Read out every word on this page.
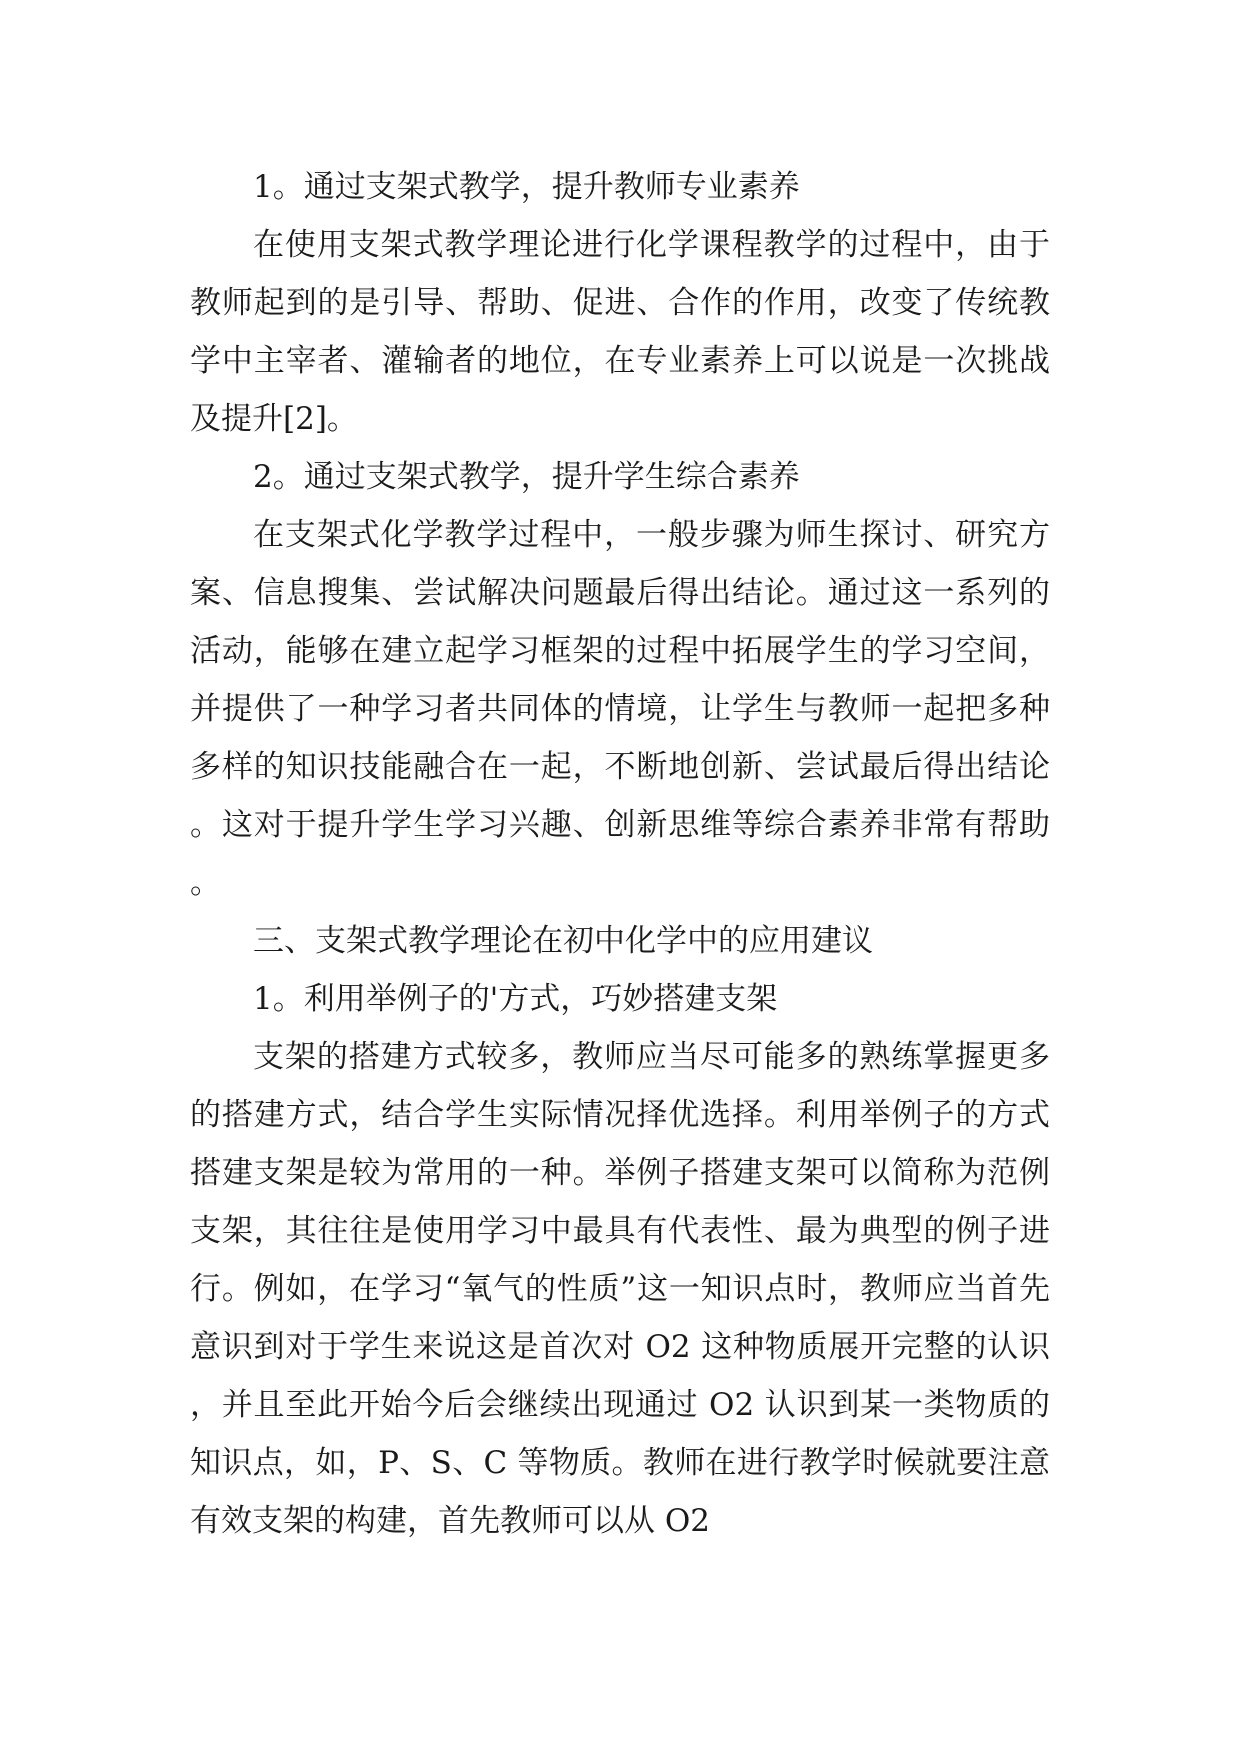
1。通过支架式教学，提升教师专业素养

在使用支架式教学理论进行化学课程教学的过程中，由于教师起到的是引导、帮助、促进、合作的作用，改变了传统教学中主宰者、灌输者的地位，在专业素养上可以说是一次挑战及提升[2]。

2。通过支架式教学，提升学生综合素养

在支架式化学教学过程中，一般步骤为师生探讨、研究方案、信息搜集、尝试解决问题最后得出结论。通过这一系列的活动，能够在建立起学习框架的过程中拓展学生的学习空间，并提供了一种学习者共同体的情境，让学生与教师一起把多种多样的知识技能融合在一起，不断地创新、尝试最后得出结论。这对于提升学生学习兴趣、创新思维等综合素养非常有帮助。

三、支架式教学理论在初中化学中的应用建议

1。利用举例子的'方式，巧妙搭建支架

支架的搭建方式较多，教师应当尽可能多的熟练掌握更多的搭建方式，结合学生实际情况择优选择。利用举例子的方式搭建支架是较为常用的一种。举例子搭建支架可以简称为范例支架，其往往是使用学习中最具有代表性、最为典型的例子进行。例如，在学习“氧气的性质”这一知识点时，教师应当首先意识到对于学生来说这是首次对 O2 这种物质展开完整的认识，并且至此开始今后会继续出现通过 O2 认识到某一类物质的知识点，如，P、S、C 等物质。教师在进行教学时候就要注意有效支架的构建，首先教师可以从 O2
